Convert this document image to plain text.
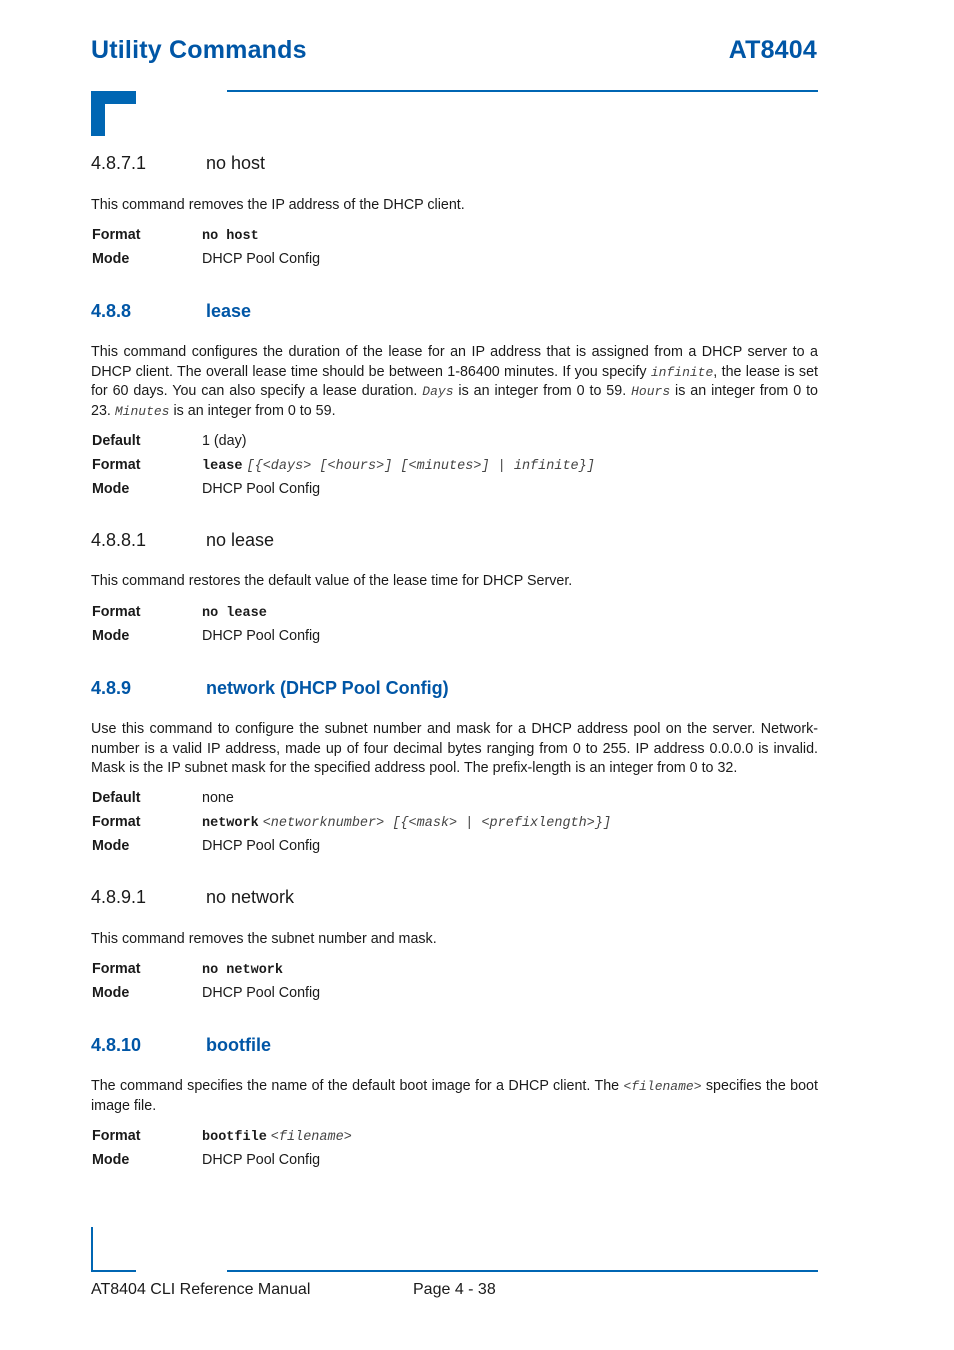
Utility Commands	AT8404
4.8.7.1	no host
This command removes the IP address of the DHCP client.
Format	no host
Mode	DHCP Pool Config
4.8.8	lease
This command configures the duration of the lease for an IP address that is assigned from a DHCP server to a DHCP client. The overall lease time should be between 1-86400 minutes. If you specify infinite, the lease is set for 60 days. You can also specify a lease duration. Days is an integer from 0 to 59. Hours is an integer from 0 to 23. Minutes is an integer from 0 to 59.
Default	1 (day)
Format	lease [{<days> [<hours>] [<minutes>] | infinite}]
Mode	DHCP Pool Config
4.8.8.1	no lease
This command restores the default value of the lease time for DHCP Server.
Format	no lease
Mode	DHCP Pool Config
4.8.9	network (DHCP Pool Config)
Use this command to configure the subnet number and mask for a DHCP address pool on the server. Network-number is a valid IP address, made up of four decimal bytes ranging from 0 to 255. IP address 0.0.0.0 is invalid. Mask is the IP subnet mask for the specified address pool. The prefix-length is an integer from 0 to 32.
Default	none
Format	network <networknumber> [{<mask> | <prefixlength>}]
Mode	DHCP Pool Config
4.8.9.1	no network
This command removes the subnet number and mask.
Format	no network
Mode	DHCP Pool Config
4.8.10	bootfile
The command specifies the name of the default boot image for a DHCP client. The <filename> specifies the boot image file.
Format	bootfile <filename>
Mode	DHCP Pool Config
AT8404 CLI Reference Manual	Page 4 - 38
